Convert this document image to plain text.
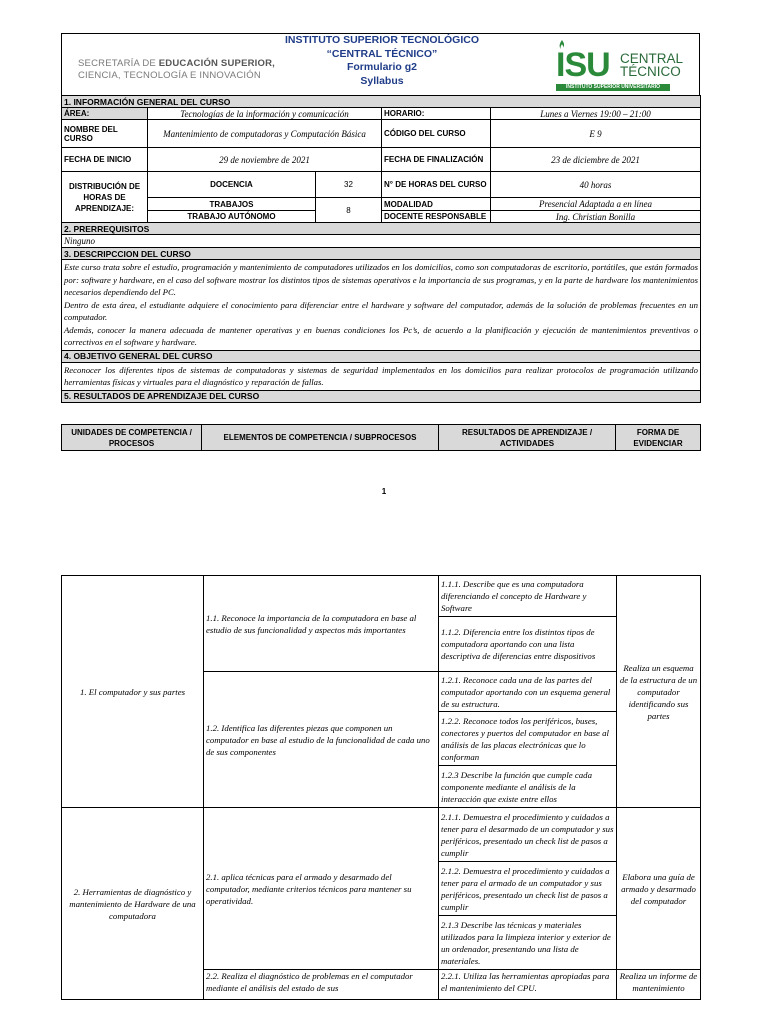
SECRETARÍA DE EDUCACIÓN SUPERIOR,
CIENCIA, TECNOLOGÍA E INNOVACIÓN
INSTITUTO SUPERIOR TECNOLÓGICO
“CENTRAL TÉCNICO”
Formulario g2
Syllabus	ISU CENTRAL
TÉCNICO
INSTITUTO SUPERIOR UNIVERSITARIO
1. INFORMACIÓN GENERAL DEL CURSO				
ÁREA:	Tecnologías de la información y comunicación		HORARIO:	Lunes a Viernes 19:00 – 21:00
NOMBRE DEL CURSO	Mantenimiento de computadoras y Computación Básica		CÓDIGO DEL CURSO	E 9
FECHA DE INICIO	29 de noviembre de 2021		FECHA DE FINALIZACIÓN	23 de diciembre de 2021
DISTRIBUCIÓN DE HORAS DE APRENDIZAJE:	DOCENCIA	32	N° DE HORAS DEL CURSO	40 horas
	TRABAJOS	8	MODALIDAD	Presencial Adaptada a en línea
	TRABAJO AUTÓNOMO		DOCENTE RESPONSABLE	Ing. Christian Bonilla
2. PRERREQUISITOS				
Ninguno				
3. DESCRIPCCION DEL CURSO				

Este curso trata sobre el estudio, programación y mantenimiento de computadores utilizados en los domicilios, como son computadoras de escritorio, portátiles, que están formados por: software y hardware, en el caso del software mostrar los distintos tipos de sistemas operativos e la importancia de sus programas, y en la parte de hardware los mantenimientos necesarios dependiendo del PC.
Dentro de esta área, el estudiante adquiere el conocimiento para diferenciar entre el hardware y software del computador, además de la solución de problemas frecuentes en un computador.
Además, conocer la manera adecuada de mantener operativas y en buenas condiciones los Pc’s, de acuerdo a la planificación y ejecución de mantenimientos preventivos o correctivos en el software y hardware.				

4. OBJETIVO GENERAL DEL CURSO				
Reconocer los diferentes tipos de sistemas de computadoras y sistemas de seguridad implementados en los domicilios para realizar protocolos de programación utilizando herramientas físicas y virtuales para el diagnóstico y reparación de fallas.				
5. RESULTADOS DE APRENDIZAJE DEL CURSO				
UNIDADES DE COMPETENCIA / PROCESOS	ELEMENTOS DE COMPETENCIA / SUBPROCESOS	RESULTADOS DE APRENDIZAJE / ACTIVIDADES	FORMA DE EVIDENCIAR
1
1. El computador y sus partes	1.1. Reconoce la importancia de la computadora en base al estudio de sus funcionalidad y aspectos más importantes	1.1.1. Describe que es una computadora diferenciando el concepto de Hardware y Software	Realiza un esquema de la estructura de un computador identificando sus partes
		1.1.2. Diferencia entre los distintos tipos de computadora aportando con una lista descriptiva de diferencias entre dispositivos	
	1.2. Identifica las diferentes piezas que componen un computador en base al estudio de la funcionalidad de cada uno de sus componentes	1.2.1. Reconoce cada una de las partes del computador aportando con un esquema general de su estructura.	
		1.2.2. Reconoce todos los periféricos, buses, conectores y puertos del computador en base al análisis de las placas electrónicas que lo conforman	
		1.2.3 Describe la función que cumple cada componente mediante el análisis de la interacción que existe entre ellos	
2. Herramientas de diagnóstico y mantenimiento de Hardware de una computadora	2.1. aplica técnicas para el armado y desarmado del computador, mediante criterios técnicos para mantener su operatividad.	2.1.1. Demuestra el procedimiento y cuidados a tener para el desarmado de un computador y sus periféricos, presentado un check list de pasos a cumplir	Elabora una guía de armado y desarmado del computador
		2.1.2. Demuestra el procedimiento y cuidados a tener para el armado de un computador y sus periféricos, presentado un check list de pasos a cumplir	
		2.1.3 Describe las técnicas y materiales utilizados para la limpieza interior y exterior de un ordenador, presentando una lista de materiales.	
	2.2. Realiza el diagnóstico de problemas en el computador mediante el análisis del estado de sus	2.2.1. Utiliza las herramientas apropiadas para el mantenimiento del CPU.	Realiza un informe de mantenimiento
